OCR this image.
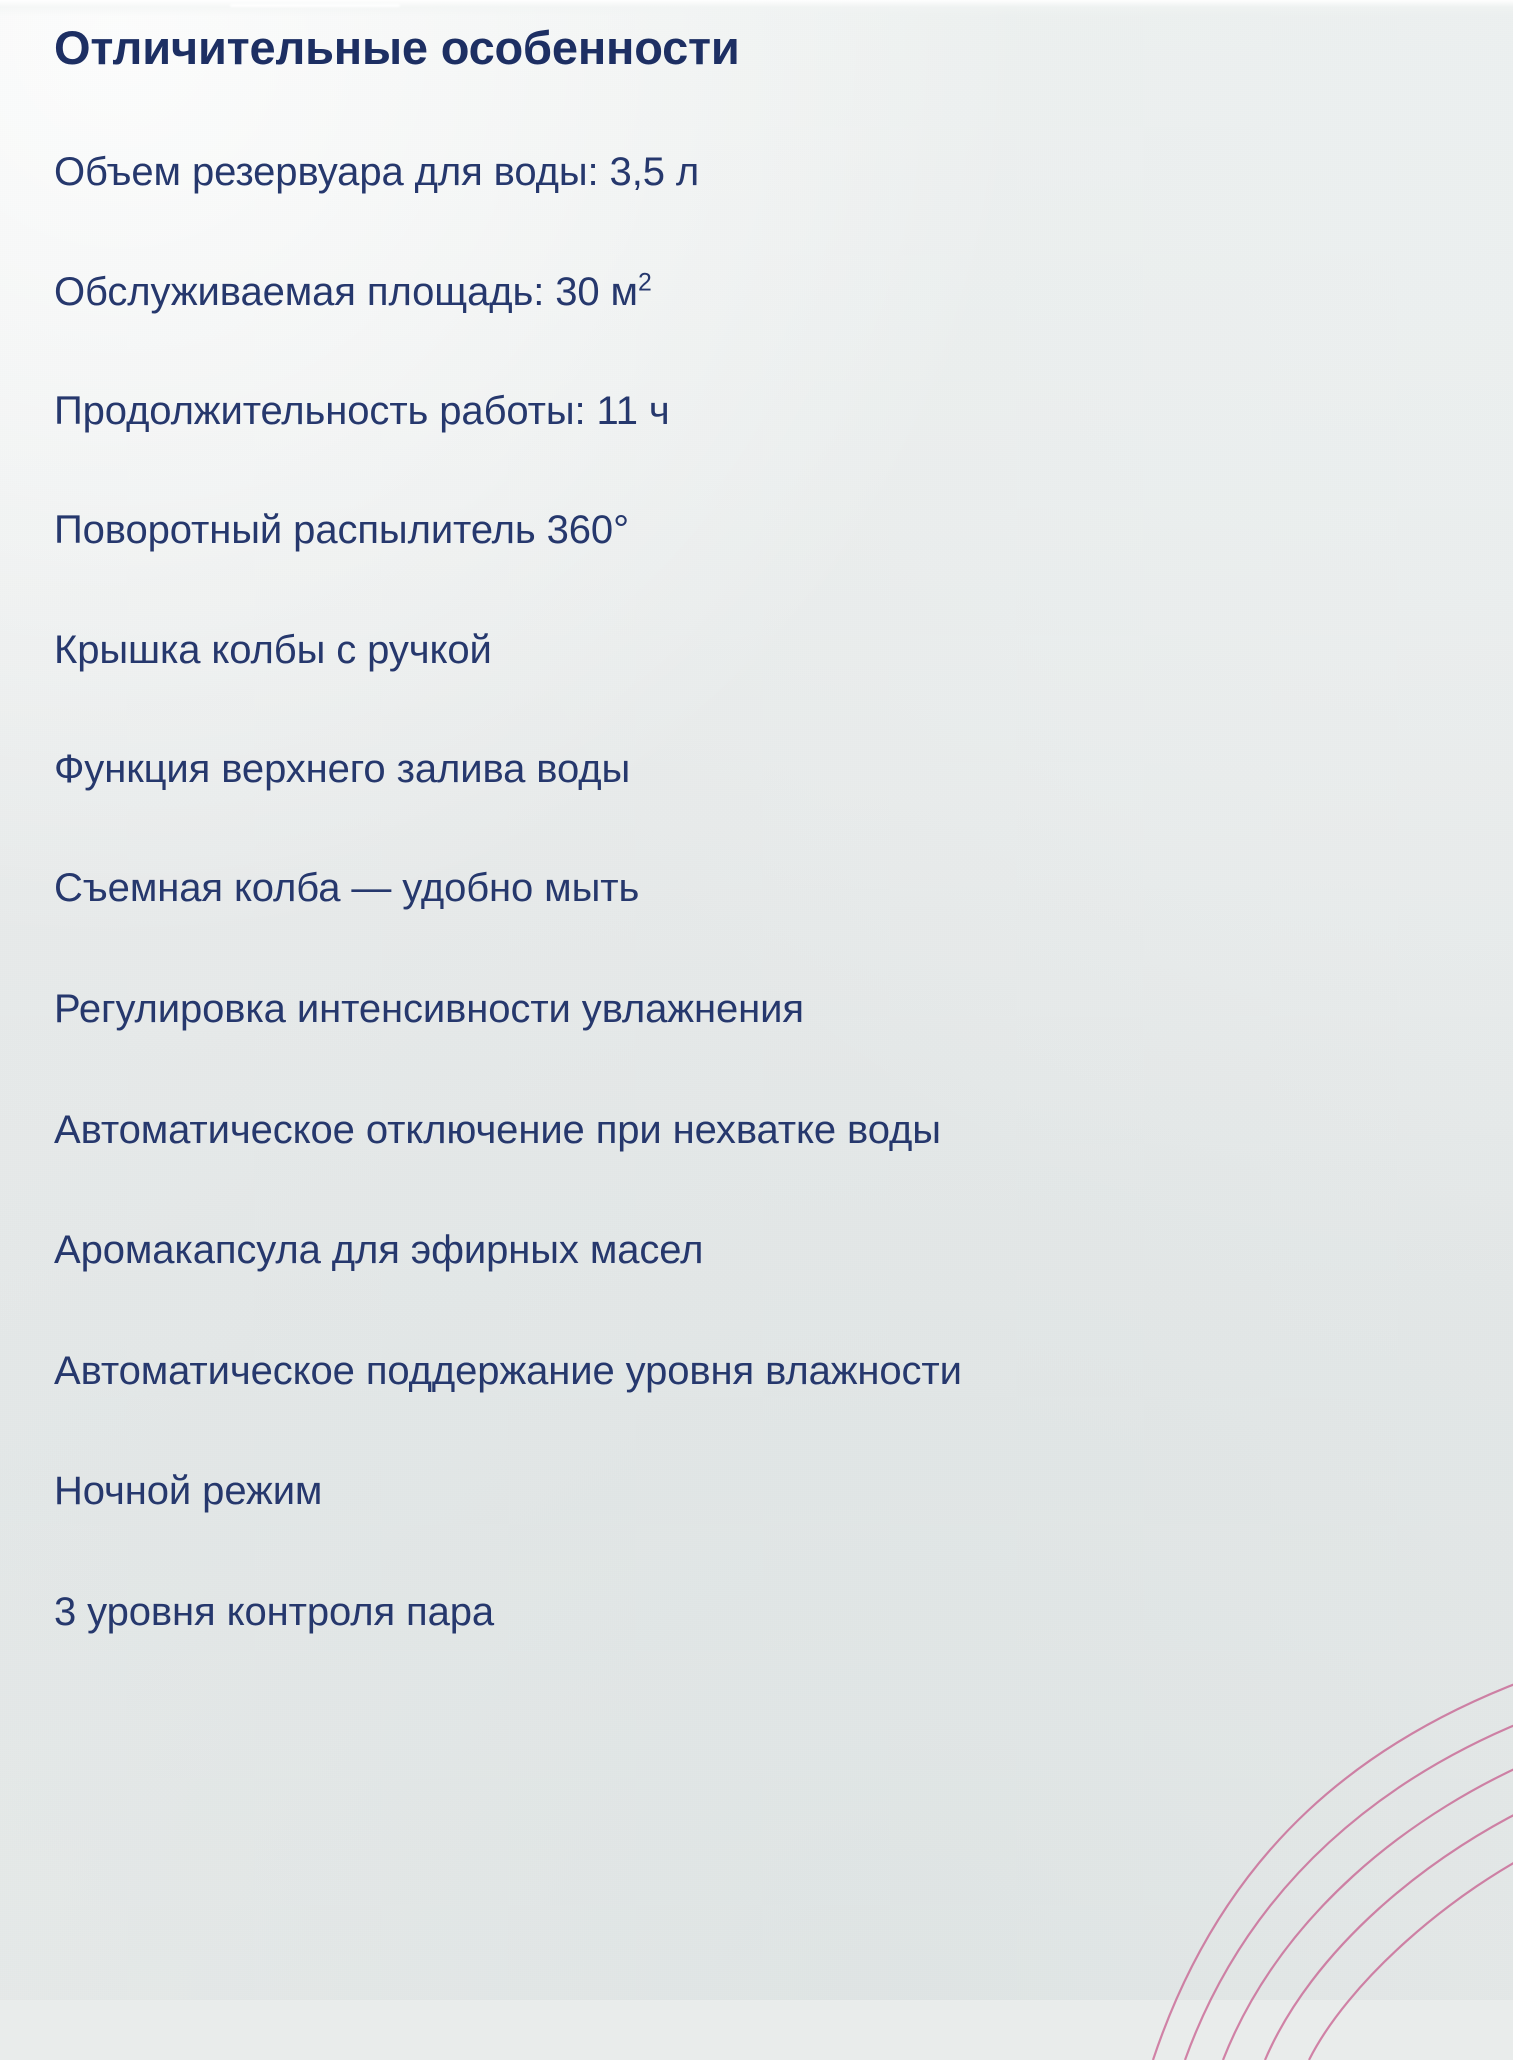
Отличительные особенности
Объем резервуара для воды: 3,5 л
Обслуживаемая площадь: 30 $м^2$
Продолжительность работы: 11 ч
Поворотный распылитель 360°
Крышка колбы с ручкой
Функция верхнего залива воды
Съемная колба — удобно мыть
Регулировка интенсивности увлажнения
Автоматическое отключение при нехватке воды
Аромакапсула для эфирных масел
Автоматическое поддержание уровня влажности
Ночной режим
3 уровня контроля пара
